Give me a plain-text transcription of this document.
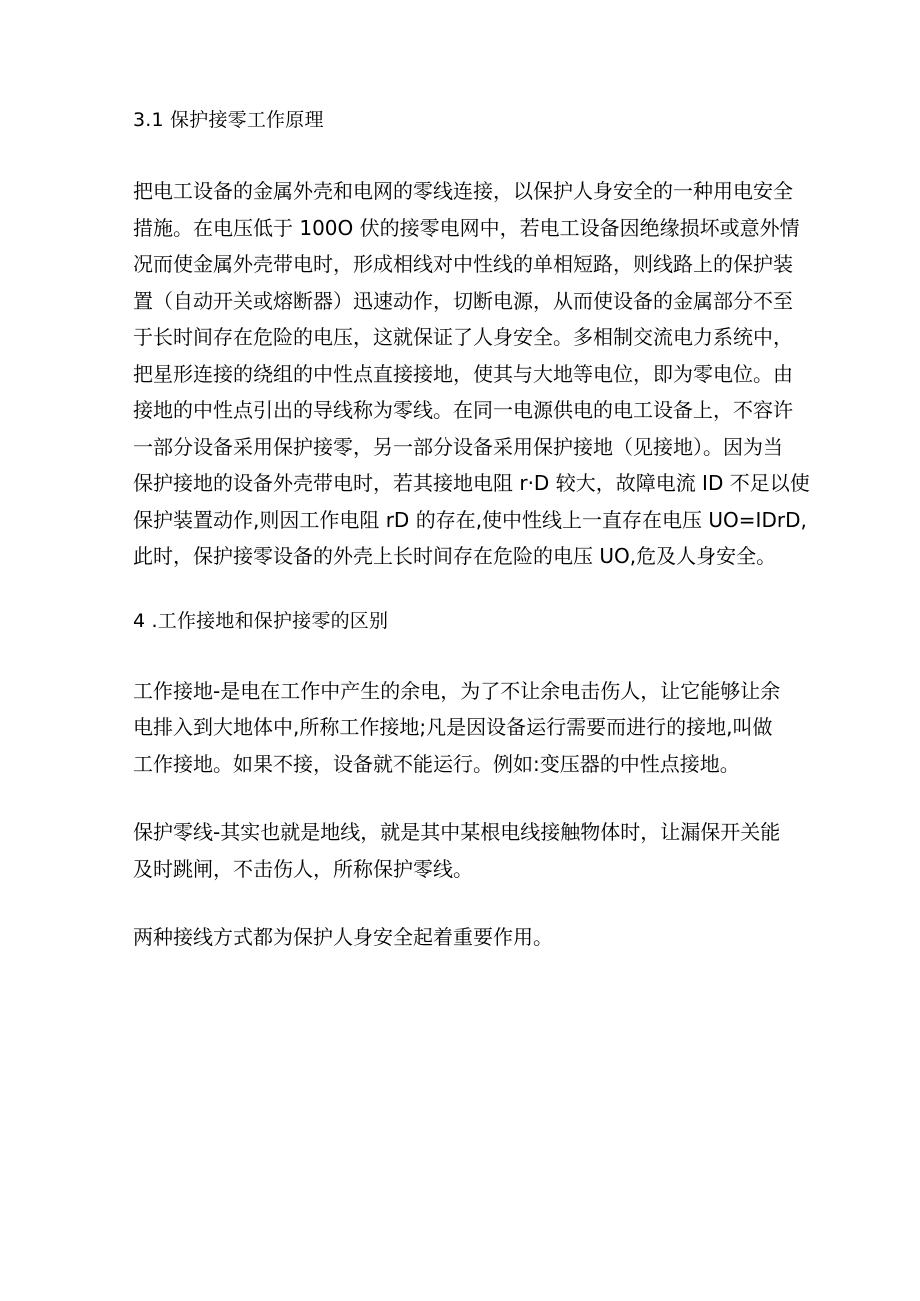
3.1 保护接零工作原理

把电工设备的金属外壳和电网的零线连接，以保护人身安全的一种用电安全
措施。在电压低于 100O 伏的接零电网中，若电工设备因绝缘损坏或意外情
况而使金属外壳带电时，形成相线对中性线的单相短路，则线路上的保护装
置（自动开关或熔断器）迅速动作，切断电源，从而使设备的金属部分不至
于长时间存在危险的电压，这就保证了人身安全。多相制交流电力系统中，
把星形连接的绕组的中性点直接接地，使其与大地等电位，即为零电位。由
接地的中性点引出的导线称为零线。在同一电源供电的电工设备上，不容许
一部分设备采用保护接零，另一部分设备采用保护接地（见接地）。因为当
保护接地的设备外壳带电时，若其接地电阻 r·D 较大，故障电流 ID 不足以使
保护装置动作,则因工作电阻 rD 的存在,使中性线上一直存在电压 UO=IDrD,
此时，保护接零设备的外壳上长时间存在危险的电压 UO,危及人身安全。

4 .工作接地和保护接零的区别

工作接地-是电在工作中产生的余电，为了不让余电击伤人，让它能够让余
电排入到大地体中,所称工作接地;凡是因设备运行需要而进行的接地,叫做
工作接地。如果不接，设备就不能运行。例如:变压器的中性点接地。

保护零线-其实也就是地线，就是其中某根电线接触物体时，让漏保开关能
及时跳闸，不击伤人，所称保护零线。

两种接线方式都为保护人身安全起着重要作用。
